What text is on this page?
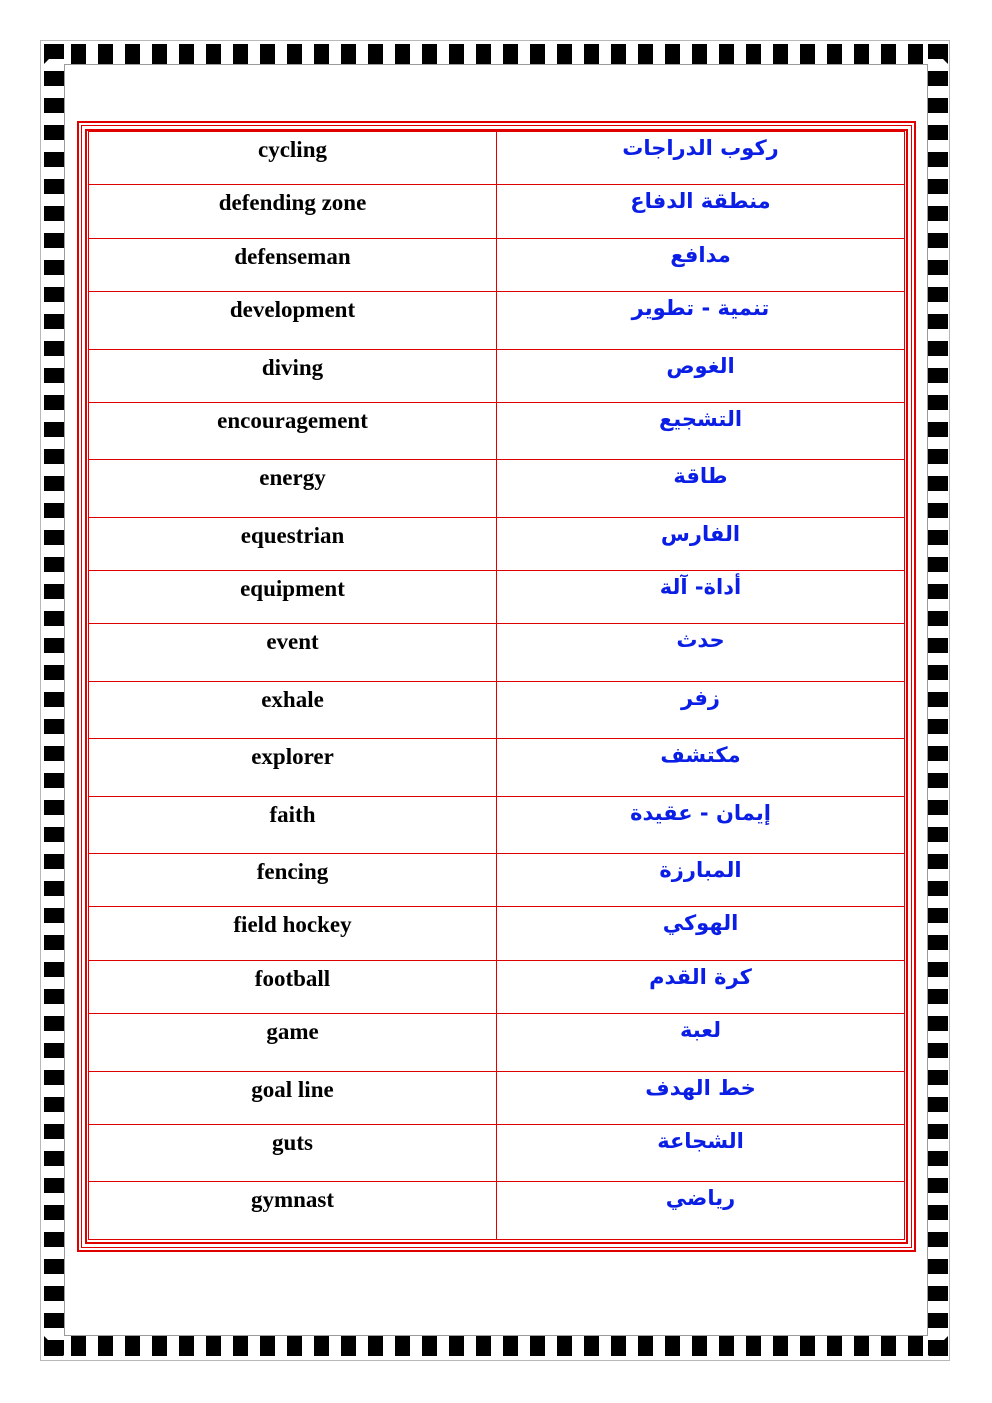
cycling	ركوب الدراجات
defending zone	منطقة الدفاع
defenseman	مدافع
development	تنمية - تطوير
diving	الغوص
encouragement	التشجيع
energy	طاقة
equestrian	الفارس
equipment	أداة- آلة
event	حدث
exhale	زفر
explorer	مكتشف
faith	إيمان - عقيدة
fencing	المبارزة
field hockey	الهوكي
football	كرة القدم
game	لعبة
goal line	خط الهدف
guts	الشجاعة
gymnast	رياضي
